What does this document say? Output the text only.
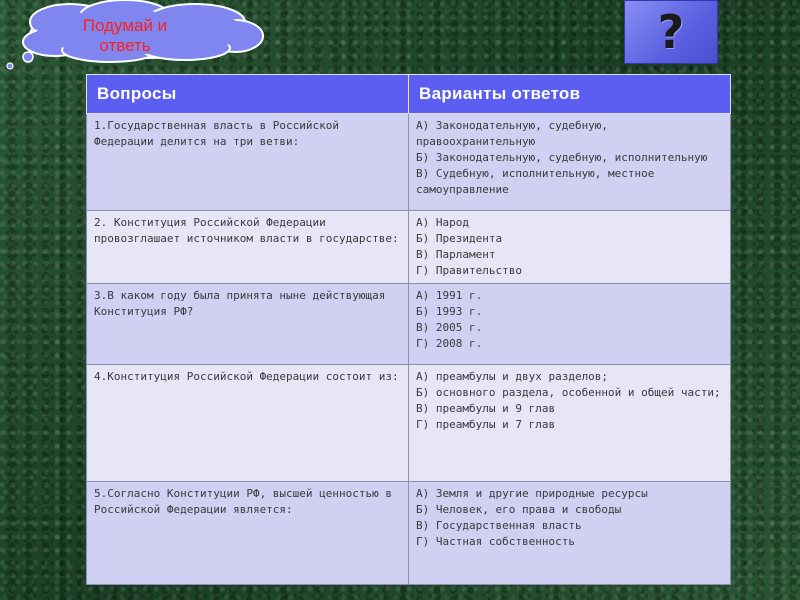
Подумай и ответь	?
Вопросы	Варианты ответов
1.Государственная власть в Российской Федерации делится на три ветви:	А) Законодательную, судебную, правоохранительную
Б) Законодательную, судебную, исполнительную
В) Судебную, исполнительную, местное самоуправление

2. Конституция Российской Федерации провозглашает источником власти в государстве:	А) Народ
Б) Президента
В) Парламент
Г) Правительство

3.В каком году была принята ныне действующая Конституция РФ?	А) 1991 г.
Б) 1993 г.
В) 2005 г.
Г) 2008 г.

4.Конституция Российской Федерации состоит из:	А) преамбулы и двух разделов;
Б) основного раздела, особенной и общей части;
В) преамбулы и 9 глав
Г) преамбулы и 7 глав

5.Согласно Конституции РФ, высшей ценностью в Российской Федерации является:	А) Земля и другие природные ресурсы
Б) Человек, его права и свободы
В) Государственная власть
Г) Частная собственность
